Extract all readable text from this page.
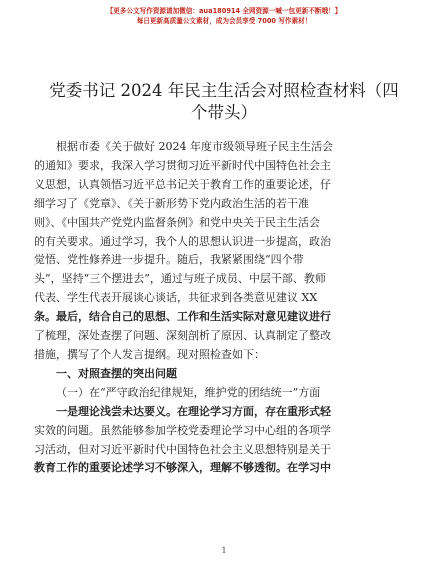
【更多公文写作资源请加微信：aua180914 全网资源一喊一包更新不断哦！】
每日更新高质量公文素材，成为会员享受 7000 写作素材！
党委书记 2024 年民主生活会对照检查材料（四
个带头）
根据市委《关于做好 2024 年度市级领导班子民主生活会
的通知》要求，我深入学习贯彻习近平新时代中国特色社会主
义思想，认真领悟习近平总书记关于教育工作的重要论述，仔
细学习了《党章》、《关于新形势下党内政治生活的若干准
则》、《中国共产党党内监督条例》和党中央关于民主生活会
的有关要求。通过学习，我个人的思想认识进一步提高，政治
觉悟、党性修养进一步提升。随后，我紧紧围绕“四个带
头”，坚持“三个摆进去”，通过与班子成员、中层干部、教师
代表、学生代表开展谈心谈话，共征求到各类意见建议 XX
条。最后，结合自己的思想、工作和生活实际对意见建议进行
了梳理，深处查摆了问题、深刻剖析了原因、认真制定了整改
措施，撰写了个人发言提纲。现对照检查如下：
一、对照查摆的突出问题
（一）在“严守政治纪律规矩，维护党的团结统一”方面
一是理论浅尝未达要义。在理论学习方面，存在重形式轻
实效的问题。虽然能够参加学校党委理论学习中心组的各项学
习活动，但对习近平新时代中国特色社会主义思想特别是关于
教育工作的重要论述学习不够深入，理解不够透彻。在学习中
1
